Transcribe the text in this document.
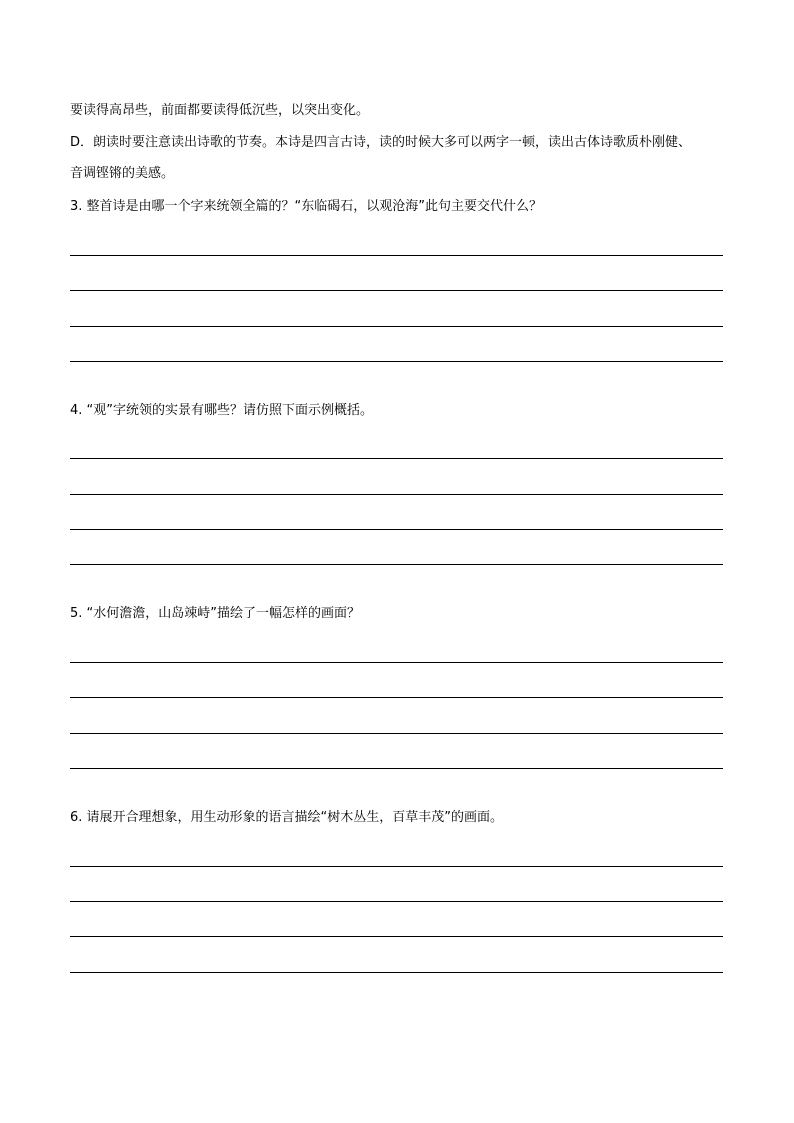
要读得高昂些，前面都要读得低沉些，以突出变化。
D．朗读时要注意读出诗歌的节奏。本诗是四言古诗，读的时候大多可以两字一顿，读出古体诗歌质朴刚健、
音调铿锵的美感。
3. 整首诗是由哪一个字来统领全篇的？“东临碣石，以观沧海”此句主要交代什么？
4. “观”字统领的实景有哪些？请仿照下面示例概括。
5. “水何澹澹，山岛竦峙”描绘了一幅怎样的画面？
6. 请展开合理想象，用生动形象的语言描绘“树木丛生，百草丰茂”的画面。
